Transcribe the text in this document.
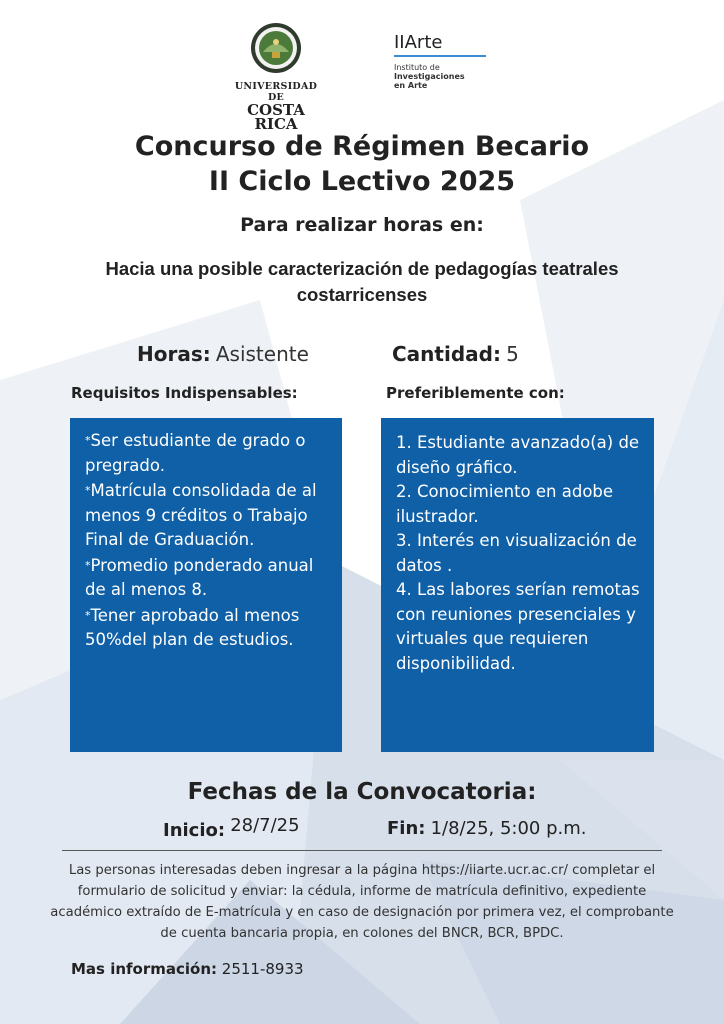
UNIVERSIDAD DE
COSTA RICA
IIArte
Instituto de
Investigaciones
en Arte
Concurso de Régimen Becario
II Ciclo Lectivo 2025
Para realizar horas en:
Hacia una posible caracterización de pedagogías teatrales
costarricenses
Horas: Asistente	Cantidad: 5
Requisitos Indispensables:	Preferiblemente con:
*Ser estudiante de grado o pregrado.
*Matrícula consolidada de al menos 9 créditos o Trabajo Final de Graduación.
*Promedio ponderado anual de al menos 8.
*Tener aprobado al menos 50%del plan de estudios.
1. Estudiante avanzado(a) de diseño gráfico.
2. Conocimiento en adobe ilustrador.
3. Interés en visualización de datos .
4. Las labores serían remotas con reuniones presenciales y virtuales que requieren disponibilidad.
Fechas de la Convocatoria:
Inicio: 28/7/25	Fin: 1/8/25, 5:00 p.m.
Las personas interesadas deben ingresar a la página https://iiarte.ucr.ac.cr/ completar el formulario de solicitud y enviar: la cédula, informe de matrícula definitivo, expediente académico extraído de E-matrícula y en caso de designación por primera vez, el comprobante de cuenta bancaria propia, en colones del BNCR, BCR, BPDC.
Mas información: 2511-8933
